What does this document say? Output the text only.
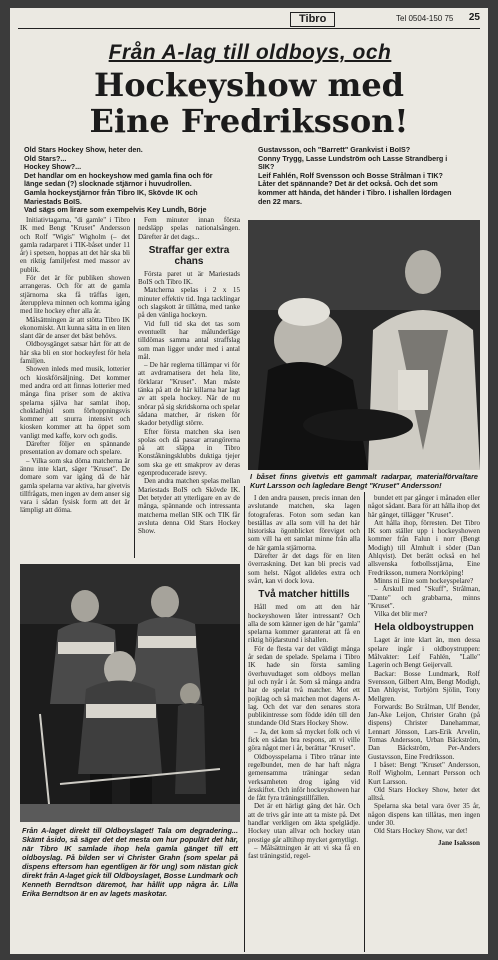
Tibro	Tel 0504-150 75 25
Från A-lag till oldboys, och
Hockeyshow med
Eine Fredriksson!
Old Stars Hockey Show, heter den.
Old Stars?...
Hockey Show?...
Det handlar om en hockeyshow med gamla fina och för
länge sedan (?) slocknade stjärnor i huvudrollen.
Gamla hockeystjärnor från Tibro IK, Skövde IK och
Mariestads BoIS.
Vad sägs om lirare som exempelvis Key Lundh, Börje
Gustavsson, och "Barrett" Grankvist i BoIS?
Conny Trygg, Lasse Lundström och Lasse Strandberg i
SIK?
Leif Fahlén, Rolf Svensson och Bosse Strålman i TIK?
Låter det spännande? Det är det också. Och det som
kommer att hända, det händer i Tibro. I ishallen lördagen
den 22 mars.

Initiativtagarna, "di gamle" i Tibro IK med Bengt "Kruset" Andersson och Rolf "Wigis" Wigholm (– det gamla radarparet i TIK-båset under 11 år) i spetsen, hoppas att det här ska bli en riktig familjefest med massor av publik.

För det är för publiken showen arrangeras. Och för att de gamla stjärnorna ska få träffas igen, återuppleva minnen och komma igång med lite hockey efter alla år.

Målsättningen är att stötta Tibro IK ekonomiskt. Att kunna sätta in en liten slant där de anser det bäst behövs.

Oldboysgänget satsar hårt för att de här ska bli en stor hockeyfest för hela familjen.

Showen inleds med musik, lotterier och kioskförsäljning. Det kommer med andra ord att finnas lotterier med många fina priser som de aktiva spelarna själva har samlat ihop, chokladhjul som förhoppningsvis kommer att snurra intensivt och kiosken kommer att ha öppet som vanligt med kaffe, korv och godis.

Därefter följer en spännande presentation av domare och spelare.

– Vilka som ska döma matcherna är ännu inte klart, säger "Kruset". De domare som var igång då de här gamla spelarna var aktiva, har givetvis tillfrågats, men ingen av dem anser sig vara i sådan fysisk form att det är lämpligt att döma.

Fem minuter innan första nedsläpp spelas nationalsången. Därefter är det dags...

Straffar ger extra chans

Första paret ut är Mariestads BoIS och Tibro IK.

Matcherna spelas i 2 x 15 minuter effektiv tid. Inga tacklingar och slagskott är tillåtna, med tanke på den vänliga hockeyn.

Vid full tid ska det tas som eventuellt har målunderläge tilldömas samma antal straffslag som man ligger under med i antal mål.

– De här reglerna tillämpar vi för att avdramatisera det hela lite, förklarar "Kruset". Man måste tänka på att de här killarna har lagt av att spela hockey. När de nu snörar på sig skridskorna och spelar sådana matcher, är risken för skador betydligt större.

Efter första matchen ska isen spolas och då passar arrangörerna på att släppa in Tibro Konståkningsklubbs duktiga tjejer som ska ge ett smakprov av deras egenproducerade isrevy.

Den andra matchen spelas mellan Mariestads BoIS och Skövde IK. Det betyder att ytterligare en av de många, spännande och intressanta matcherna mellan SIK och TIK får avsluta denna Old Stars Hockey Show.

I båset finns givetvis ett gammalt radarpar, materialförvaltare Kurt Larsson och lagledare Bengt "Kruset" Andersson!
Från A-laget direkt till Oldboyslaget! Tala om degradering... Skämt åsido, så säger det det mesta om hur populärt det här, när Tibro IK samlade ihop hela gamla gänget till ett oldboyslag. På bilden ser vi Christer Grahn (som spelar på dispens eftersom han egentligen är för ung) som nästan gick direkt från A-laget gick till Oldboyslaget, Bosse Lundmark och Kenneth Berndtson däremot, har hållit upp några år. Lilla Erika Berndtson är en av lagets maskotar.

I den andra pausen, precis innan den avslutande matchen, ska lagen fotograferas. Foton som sedan kan beställas av alla som vill ha det här historiska ögonblicket föreviget och som vill ha ett samlat minne från alla de här gamla stjärnorna.

Därefter är det dags för en liten överraskning. Det kan bli precis vad som helst. Något alldeles extra och svårt, kan vi dock lova.

Två matcher hittills

Håll med om att den här hockeyshowen låter intressant? Och alla de som känner igen de här "gamla" spelarna kommer garanterat att få en riktig höjdarstund i ishallen.

För de flesta var det väldigt många år sedan de spelade. Spelarna i Tibro IK hade sin första samling överhuvudtaget som oldboys mellan jul och nyår i år. Som så många andra har de spelat två matcher. Mot ett pojklag och så matchen mot dagens A-lag. Och det var den senares stora publikintresse som födde idén till den stundande Old Stars Hockey Show.

– Ja, det kom så mycket folk och vi fick en sådan bra respons, att vi ville göra något mer i år, berättar "Kruset".

Oldboysspelarna i Tibro tränar inte regelbundet, men de har haft några gemensamma träningar sedan verksamheten drog igång vid årsskiftet. Och inför hockeyshowen har de fått fyra träningstillfällen.

Det är ett härligt gäng det här. Och att de trivs går inte att ta miste på. Det handlar verkligen om äkta spelglädje. Hockey utan allvar och hockey utan prestige går alltihop mycket gemytligt.

– Målsättningen är att vi ska få en fast träningstid, regel-

bundet ett par gånger i månaden eller något sådant. Bara för att hålla ihop det här gänget, tillägger "Kruset".

Att hålla ihop, förresten. Det Tibro IK som ställer upp i hockeyshowen kommer från Falun i norr (Bengt Modigh) till Älmhult i söder (Dan Ahlqvist). Det berätt också en hel allsvenska fotbollsstjärna, Eine Fredriksson, numera Norrköping!

Minns ni Eine som hockeyspelare?

– Årskull med "Skuff", Strålman, "Dante" och grabbarna, minns "Kruset".

Vilka det blir mer?

Hela oldboystruppen

Laget är inte klart än, men dessa spelare ingår i oldboystruppen: Målvakter: Leif Fahlén, "Lalle" Lagerin och Bengt Geijervall.

Backar: Bosse Lundmark, Rolf Svensson, Gilbert Alm, Bengt Modigh, Dan Ahlqvist, Torbjörn Sjölin, Tony Mellgren.

Forwards: Bo Strålman, Ulf Bender, Jan-Åke Leijon, Christer Grahn (på dispens) Christer Danehammar, Lennart Jönsson, Lars-Erik Arvelin, Tomas Andersson, Urban Bäckström, Dan Bäckström, Per-Anders Gustavsson, Eine Fredriksson.

I båset: Bengt "Kruset" Andersson, Rolf Wigholm, Lennart Persson och Kurt Larsson.

Old Stars Hockey Show, heter det alltså.

Spelarna ska betal vara över 35 år, någon dispens kan tillåtas, men ingen under 30.

Old Stars Hockey Show, var det!

Jane Isaksson
